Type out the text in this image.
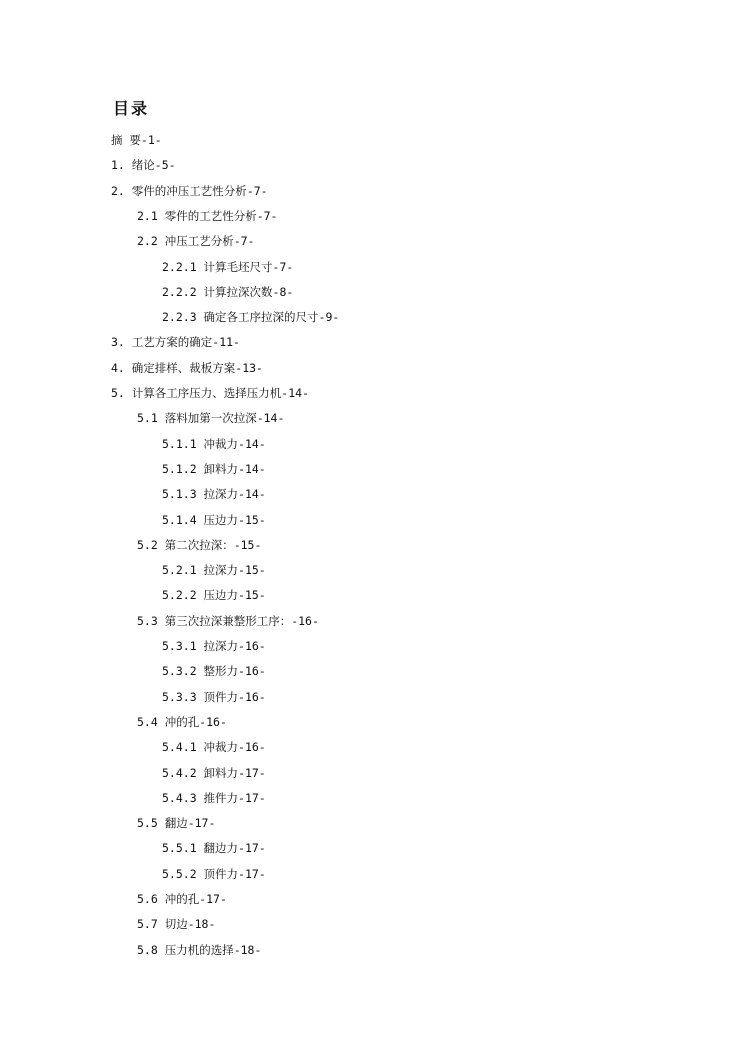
目录
摘 要-1-
1. 绪论-5-
2. 零件的冲压工艺性分析-7-
2.1 零件的工艺性分析-7-
2.2 冲压工艺分析-7-
2.2.1 计算毛坯尺寸-7-
2.2.2 计算拉深次数-8-
2.2.3 确定各工序拉深的尺寸-9-
3. 工艺方案的确定-11-
4. 确定排样、裁板方案-13-
5. 计算各工序压力、选择压力机-14-
5.1 落料加第一次拉深-14-
5.1.1 冲裁力-14-
5.1.2 卸料力-14-
5.1.3 拉深力-14-
5.1.4 压边力-15-
5.2 第二次拉深：-15-
5.2.1 拉深力-15-
5.2.2 压边力-15-
5.3 第三次拉深兼整形工序：-16-
5.3.1 拉深力-16-
5.3.2 整形力-16-
5.3.3 顶件力-16-
5.4 冲的孔-16-
5.4.1 冲裁力-16-
5.4.2 卸料力-17-
5.4.3 推件力-17-
5.5 翻边-17-
5.5.1 翻边力-17-
5.5.2 顶件力-17-
5.6 冲的孔-17-
5.7 切边-18-
5.8 压力机的选择-18-
